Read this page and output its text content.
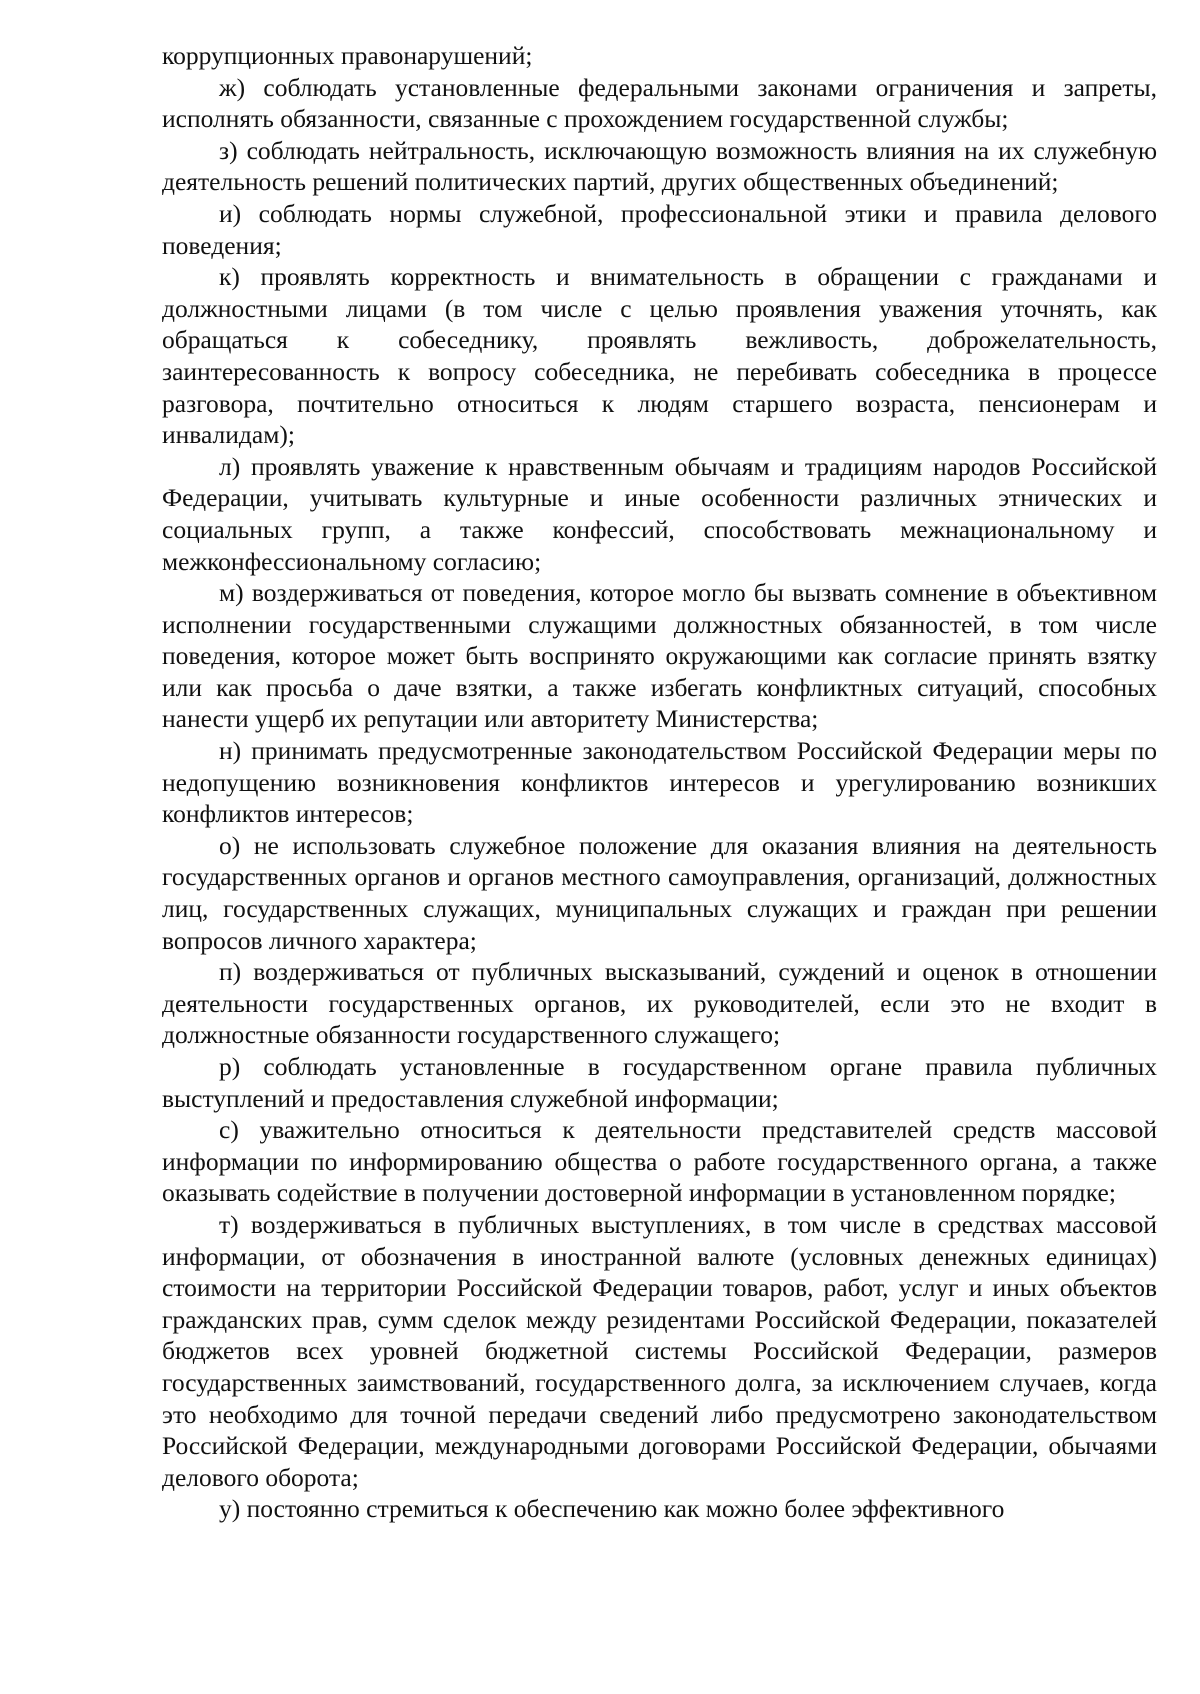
коррупционных правонарушений;

ж) соблюдать установленные федеральными законами ограничения и запреты, исполнять обязанности, связанные с прохождением государственной службы;

з) соблюдать нейтральность, исключающую возможность влияния на их служебную деятельность решений политических партий, других общественных объединений;

и) соблюдать нормы служебной, профессиональной этики и правила делового поведения;

к) проявлять корректность и внимательность в обращении с гражданами и должностными лицами (в том числе с целью проявления уважения уточнять, как обращаться к собеседнику, проявлять вежливость, доброжелательность, заинтересованность к вопросу собеседника, не перебивать собеседника в процессе разговора, почтительно относиться к людям старшего возраста, пенсионерам и инвалидам);

л) проявлять уважение к нравственным обычаям и традициям народов Российской Федерации, учитывать культурные и иные особенности различных этнических и социальных групп, а также конфессий, способствовать межнациональному и межконфессиональному согласию;

м) воздерживаться от поведения, которое могло бы вызвать сомнение в объективном исполнении государственными служащими должностных обязанностей, в том числе поведения, которое может быть воспринято окружающими как согласие принять взятку или как просьба о даче взятки, а также избегать конфликтных ситуаций, способных нанести ущерб их репутации или авторитету Министерства;

н) принимать предусмотренные законодательством Российской Федерации меры по недопущению возникновения конфликтов интересов и урегулированию возникших конфликтов интересов;

о) не использовать служебное положение для оказания влияния на деятельность государственных органов и органов местного самоуправления, организаций, должностных лиц, государственных служащих, муниципальных служащих и граждан при решении вопросов личного характера;

п) воздерживаться от публичных высказываний, суждений и оценок в отношении деятельности государственных органов, их руководителей, если это не входит в должностные обязанности государственного служащего;

р) соблюдать установленные в государственном органе правила публичных выступлений и предоставления служебной информации;

с) уважительно относиться к деятельности представителей средств массовой информации по информированию общества о работе государственного органа, а также оказывать содействие в получении достоверной информации в установленном порядке;

т) воздерживаться в публичных выступлениях, в том числе в средствах массовой информации, от обозначения в иностранной валюте (условных денежных единицах) стоимости на территории Российской Федерации товаров, работ, услуг и иных объектов гражданских прав, сумм сделок между резидентами Российской Федерации, показателей бюджетов всех уровней бюджетной системы Российской Федерации, размеров государственных заимствований, государственного долга, за исключением случаев, когда это необходимо для точной передачи сведений либо предусмотрено законодательством Российской Федерации, международными договорами Российской Федерации, обычаями делового оборота;

у) постоянно стремиться к обеспечению как можно более эффективного
